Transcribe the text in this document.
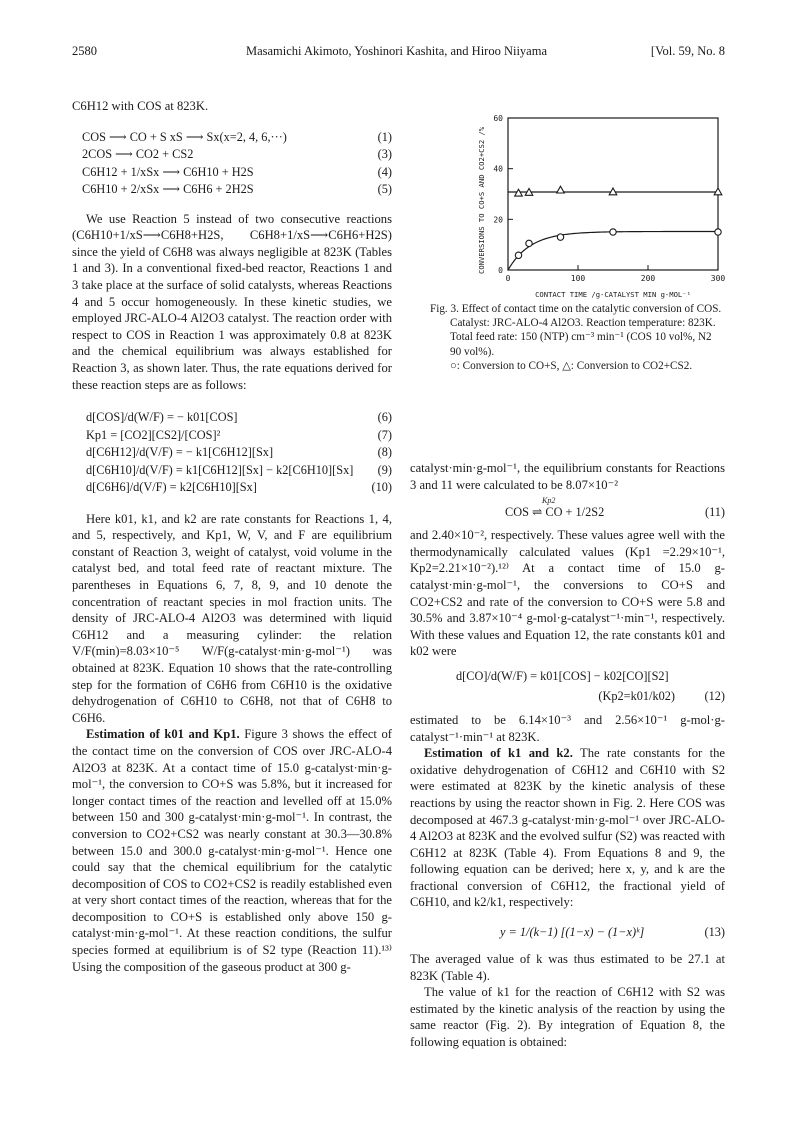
2580	Masamichi Akimoto, Yoshinori Kashita, and Hiroo Niiyama	[Vol. 59, No. 8

C6H12 with COS at 823K.

COS ⟶ CO + S xS ⟶ Sx(x=2, 4, 6,···)	(1)
2COS ⟶ CO2 + CS2	(3)
C6H12 + 1/xSx ⟶ C6H10 + H2S	(4)
C6H10 + 2/xSx ⟶ C6H6 + 2H2S	(5)

We use Reaction 5 instead of two consecutive reactions (C6H10+1/xS⟶C6H8+H2S, C6H8+1/xS⟶C6H6+H2S) since the yield of C6H8 was always negligible at 823K (Tables 1 and 3). In a conventional fixed-bed reactor, Reactions 1 and 3 take place at the surface of solid catalysts, whereas Reactions 4 and 5 occur homogeneously. In these kinetic studies, we employed JRC-ALO-4 Al2O3 catalyst. The reaction order with respect to COS in Reaction 1 was approximately 0.8 at 823K and the chemical equilibrium was always established for Reaction 3, as shown later. Thus, the rate equations derived for these reaction steps are as follows:

d[COS]/d(W/F) = − k01[COS]	(6)
Kp1 = [CO2][CS2]/[COS]²	(7)
d[C6H12]/d(V/F) = − k1[C6H12][Sx]	(8)
d[C6H10]/d(V/F) = k1[C6H12][Sx] − k2[C6H10][Sx] (9)
d[C6H6]/d(V/F) = k2[C6H10][Sx]	(10)

Here k01, k1, and k2 are rate constants for Reactions 1, 4, and 5, respectively, and Kp1, W, V, and F are equilibrium constant of Reaction 3, weight of catalyst, void volume in the catalyst bed, and total feed rate of reactant mixture. The parentheses in Equations 6, 7, 8, 9, and 10 denote the concentration of reactant species in mol fraction units. The density of JRC-ALO-4 Al2O3 was determined with liquid C6H12 and a measuring cylinder: the relation V/F(min)=8.03×10⁻⁵ W/F(g-catalyst·min·g-mol⁻¹) was obtained at 823K. Equation 10 shows that the rate-controlling step for the formation of C6H6 from C6H10 is the oxidative dehydrogenation of C6H10 to C6H8, not that of C6H8 to C6H6.

Estimation of k01 and Kp1. Figure 3 shows the effect of the contact time on the conversion of COS over JRC-ALO-4 Al2O3 at 823K. At a contact time of 15.0 g-catalyst·min·g-mol⁻¹, the conversion to CO+S was 5.8%, but it increased for longer contact times of the reaction and levelled off at 15.0% between 150 and 300 g-catalyst·min·g-mol⁻¹. In contrast, the conversion to CO2+CS2 was nearly constant at 30.3—30.8% between 15.0 and 300.0 g-catalyst·min·g-mol⁻¹. Hence one could say that the chemical equilibrium for the catalytic decomposition of COS to CO2+CS2 is readily established even at very short contact times of the reaction, whereas that for the decomposition to CO+S is established only above 150 g-catalyst·min·g-mol⁻¹. At these reaction conditions, the sulfur species formed at equilibrium is of S2 type (Reaction 11).¹³⁾ Using the composition of the gaseous product at 300 g-

0
20
40
60
0	100	200	300
CONVERSIONS TO CO+S AND CO2+CS2 /%
CONTACT TIME /g-CATALYST MIN g-MOL⁻¹

Fig. 3. Effect of contact time on the catalytic conversion of COS.

Catalyst: JRC-ALO-4 Al2O3. Reaction temperature: 823K. Total feed rate: 150 (NTP) cm⁻³ min⁻¹ (COS 10 vol%, N2 90 vol%).

○: Conversion to CO+S, △: Conversion to CO2+CS2.

catalyst·min·g-mol⁻¹, the equilibrium constants for Reactions 3 and 11 were calculated to be 8.07×10⁻²

COS ⇌ CO + 1/2S2
Kp2
(11)

and 2.40×10⁻², respectively. These values agree well with the thermodynamically calculated values (Kp1 =2.29×10⁻¹, Kp2=2.21×10⁻²).¹²⁾ At a contact time of 15.0 g-catalyst·min·g-mol⁻¹, the conversions to CO+S and CO2+CS2 and rate of the conversion to CO+S were 5.8 and 30.5% and 3.87×10⁻⁴ g-mol·g-catalyst⁻¹·min⁻¹, respectively. With these values and Equation 12, the rate constants k01 and k02 were

d[CO]/d(W/F) = k01[COS] − k02[CO][S2]
(Kp2=k01/k02) (12)

estimated to be 6.14×10⁻³ and 2.56×10⁻¹ g-mol·g-catalyst⁻¹·min⁻¹ at 823K.

Estimation of k1 and k2. The rate constants for the oxidative dehydrogenation of C6H12 and C6H10 with S2 were estimated at 823K by the kinetic analysis of these reactions by using the reactor shown in Fig. 2. Here COS was decomposed at 467.3 g-catalyst·min·g-mol⁻¹ over JRC-ALO-4 Al2O3 at 823K and the evolved sulfur (S2) was reacted with C6H12 at 823K (Table 4). From Equations 8 and 9, the following equation can be derived; here x, y, and k are the fractional conversion of C6H12, the fractional yield of C6H10, and k2/k1, respectively:

y = 1/(k−1) [(1−x) − (1−x)ᵏ]	(13)

The averaged value of k was thus estimated to be 27.1 at 823K (Table 4).

The value of k1 for the reaction of C6H12 with S2 was estimated by the kinetic analysis of the reaction by using the same reactor (Fig. 2). By integration of Equation 8, the following equation is obtained:
